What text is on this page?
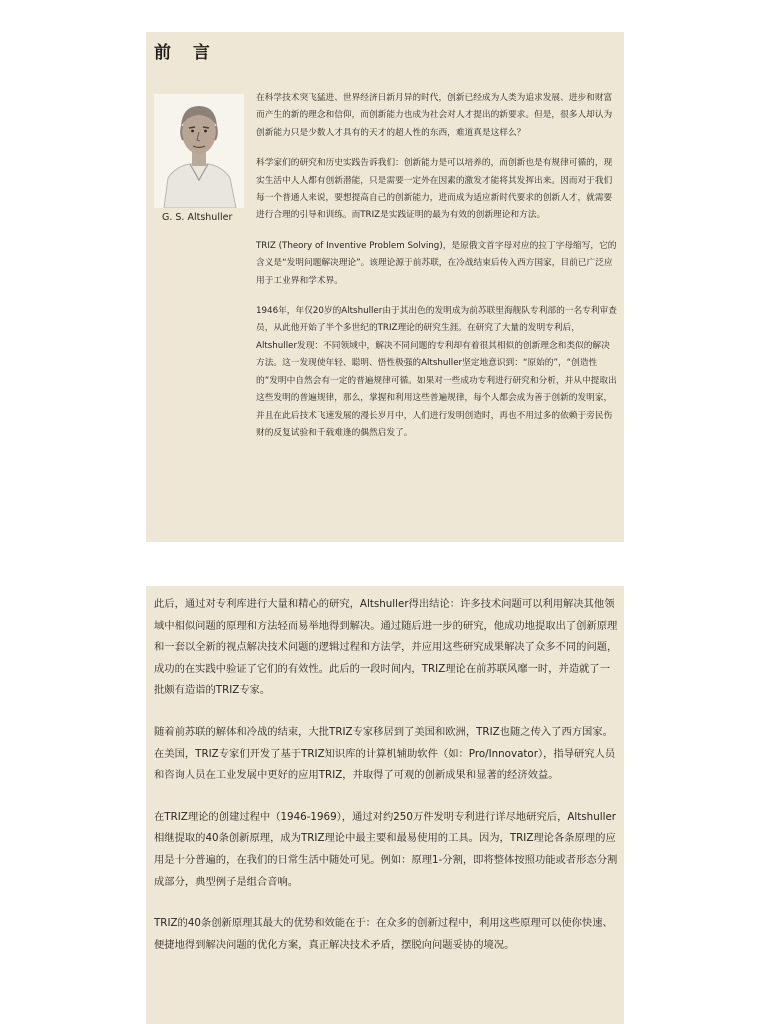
前 言
G. S. Altshuller

在科学技术突飞猛进、世界经济日新月异的时代，创新已经成为人类为追求发展、进步和财富而产生的新的理念和信仰，而创新能力也成为社会对人才提出的新要求。但是，很多人却认为创新能力只是少数人才具有的天才的超人性的东西，难道真是这样么？

科学家们的研究和历史实践告诉我们：创新能力是可以培养的，而创新也是有规律可循的，现实生活中人人都有创新潜能，只是需要一定外在因素的激发才能将其发挥出来。因而对于我们每一个普通人来说，要想提高自己的创新能力，进而成为适应新时代要求的创新人才，就需要进行合理的引导和训练。而TRIZ是实践证明的最为有效的创新理论和方法。

TRIZ (Theory of Inventive Problem Solving)，是原俄文首字母对应的拉丁字母缩写，它的含义是“发明问题解决理论”。该理论源于前苏联，在冷战结束后传入西方国家，目前已广泛应用于工业界和学术界。

1946年，年仅20岁的Altshuller由于其出色的发明成为前苏联里海舰队专利部的一名专利审查员，从此他开始了半个多世纪的TRIZ理论的研究生涯。在研究了大量的发明专利后，Altshuller发现：不同领域中，解决不同问题的专利却有着很其相似的创新理念和类似的解决方法。这一发现使年轻、聪明、悟性极强的Altshuller坚定地意识到：“原始的”，“创造性的”发明中自然会有一定的普遍规律可循。如果对一些成功专利进行研究和分析，并从中提取出这些发明的普遍规律，那么，掌握和利用这些普遍规律，每个人都会成为善于创新的发明家，并且在此后技术飞速发展的漫长岁月中，人们进行发明创造时，再也不用过多的依赖于旁民伤财的反复试验和千载难逢的偶然启发了。

此后，通过对专利库进行大量和精心的研究，Altshuller得出结论：许多技术问题可以利用解决其他领域中相似问题的原理和方法轻而易举地得到解决。通过随后进一步的研究，他成功地提取出了创新原理和一套以全新的视点解决技术问题的逻辑过程和方法学，并应用这些研究成果解决了众多不同的问题，成功的在实践中验证了它们的有效性。此后的一段时间内，TRIZ理论在前苏联风靡一时，并造就了一批颇有造诣的TRIZ专家。

随着前苏联的解体和冷战的结束，大批TRIZ专家移居到了美国和欧洲，TRIZ也随之传入了西方国家。在美国，TRIZ专家们开发了基于TRIZ知识库的计算机辅助软件（如：Pro/Innovator），指导研究人员和咨询人员在工业发展中更好的应用TRIZ，并取得了可观的创新成果和显著的经济效益。

在TRIZ理论的创建过程中（1946-1969），通过对约250万件发明专利进行详尽地研究后，Altshuller相继提取的40条创新原理，成为TRIZ理论中最主要和最易使用的工具。因为，TRIZ理论各条原理的应用是十分普遍的，在我们的日常生活中随处可见。例如：原理1-分割，即将整体按照功能或者形态分割成部分，典型例子是组合音响。

TRIZ的40条创新原理其最大的优势和效能在于：在众多的创新过程中，利用这些原理可以使你快速、便捷地得到解决问题的优化方案，真正解决技术矛盾，摆脱向问题妥协的境况。
